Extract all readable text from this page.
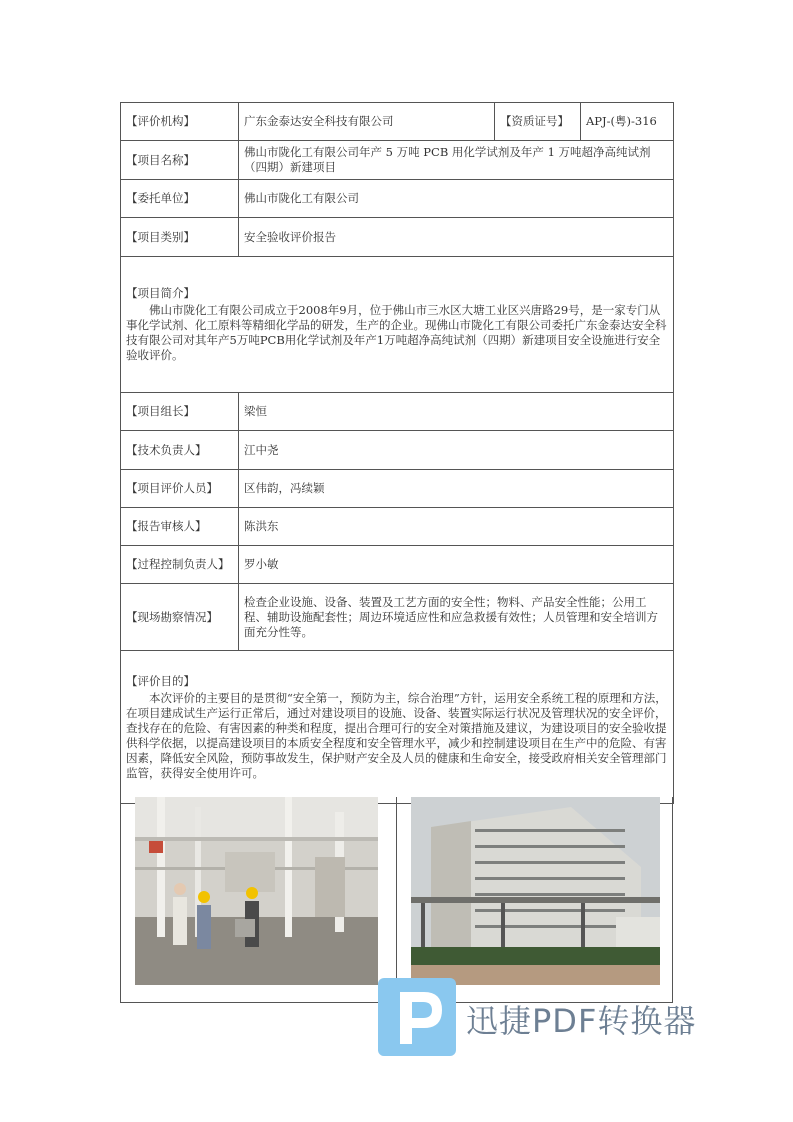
【评价机构】	广东金泰达安全科技有限公司	【资质证号】	APJ-(粤)-316
【项目名称】	佛山市陇化工有限公司年产 5 万吨 PCB 用化学试剂及年产 1 万吨超净高纯试剂（四期）新建项目		
【委托单位】	佛山市陇化工有限公司		
【项目类别】	安全验收评价报告		

【项目简介】

佛山市陇化工有限公司成立于2008年9月，位于佛山市三水区大塘工业区兴唐路29号，是一家专门从事化学试剂、化工原料等精细化学品的研发，生产的企业。现佛山市陇化工有限公司委托广东金泰达安全科技有限公司对其年产5万吨PCB用化学试剂及年产1万吨超净高纯试剂（四期）新建项目安全设施进行安全验收评价。			

【项目组长】	梁恒		
【技术负责人】	江中尧		
【项目评价人员】	区伟韵，冯续颖		
【报告审核人】	陈洪东		
【过程控制负责人】	罗小敏		
【现场勘察情况】	检查企业设施、设备、装置及工艺方面的安全性；物料、产品安全性能；公用工程、辅助设施配套性；周边环境适应性和应急救援有效性；人员管理和安全培训方面充分性等。		

【评价目的】

本次评价的主要目的是贯彻“安全第一，预防为主，综合治理”方针，运用安全系统工程的原理和方法，在项目建成试生产运行正常后，通过对建设项目的设施、设备、装置实际运行状况及管理状况的安全评价，查找存在的危险、有害因素的种类和程度，提出合理可行的安全对策措施及建议，为建设项目的安全验收提供科学依据，以提高建设项目的本质安全程度和安全管理水平，减少和控制建设项目在生产中的危险、有害因素，降低安全风险，预防事故发生，保护财产安全及人员的健康和生命安全，接受政府相关安全管理部门监管，获得安全使用许可。			

迅捷PDF转换器
